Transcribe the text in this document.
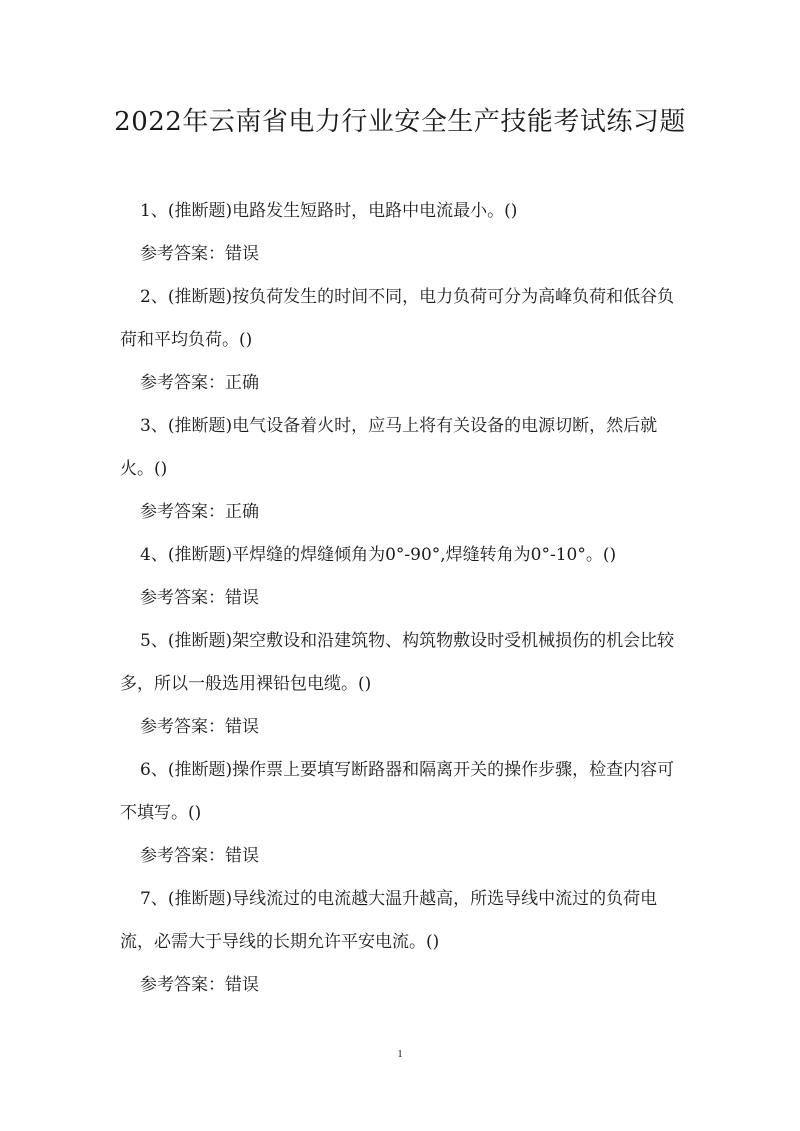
2022年云南省电力行业安全生产技能考试练习题

1、(推断题)电路发生短路时，电路中电流最小。()

参考答案：错误

2、(推断题)按负荷发生的时间不同，电力负荷可分为高峰负荷和低谷负荷和平均负荷。()

参考答案：正确

3、(推断题)电气设备着火时，应马上将有关设备的电源切断，然后就火。()

参考答案：正确

4、(推断题)平焊缝的焊缝倾角为0°-90°,焊缝转角为0°-10°。()

参考答案：错误

5、(推断题)架空敷设和沿建筑物、构筑物敷设时受机械损伤的机会比较多，所以一般选用裸铅包电缆。()

参考答案：错误

6、(推断题)操作票上要填写断路器和隔离开关的操作步骤，检查内容可不填写。()

参考答案：错误

7、(推断题)导线流过的电流越大温升越高，所选导线中流过的负荷电流，必需大于导线的长期允许平安电流。()

参考答案：错误

1
